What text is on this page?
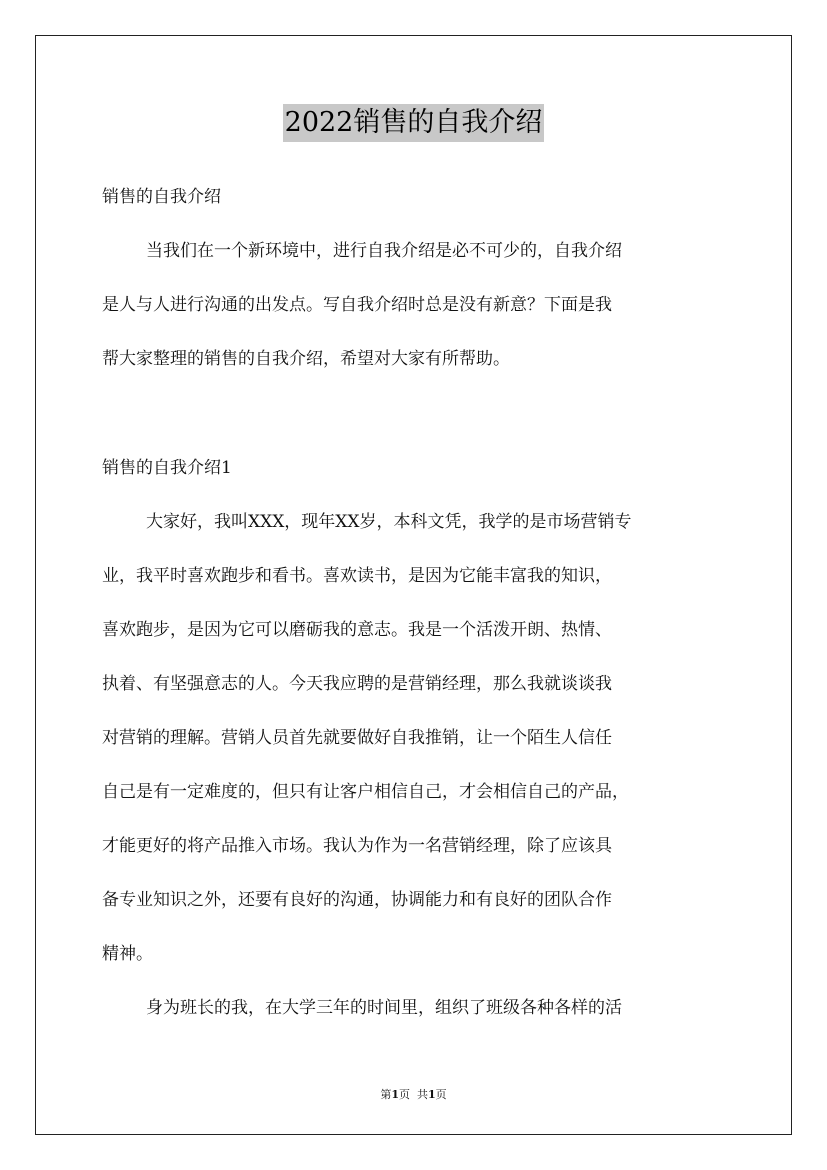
2022销售的自我介绍
销售的自我介绍
当我们在一个新环境中，进行自我介绍是必不可少的，自我介绍
是人与人进行沟通的出发点。写自我介绍时总是没有新意？下面是我
帮大家整理的销售的自我介绍，希望对大家有所帮助。
销售的自我介绍1
大家好，我叫XXX，现年XX岁，本科文凭，我学的是市场营销专
业，我平时喜欢跑步和看书。喜欢读书，是因为它能丰富我的知识，
喜欢跑步，是因为它可以磨砺我的意志。我是一个活泼开朗、热情、
执着、有坚强意志的人。今天我应聘的是营销经理，那么我就谈谈我
对营销的理解。营销人员首先就要做好自我推销，让一个陌生人信任
自己是有一定难度的，但只有让客户相信自己，才会相信自己的产品，
才能更好的将产品推入市场。我认为作为一名营销经理，除了应该具
备专业知识之外，还要有良好的沟通，协调能力和有良好的团队合作
精神。
身为班长的我，在大学三年的时间里，组织了班级各种各样的活
第1页  共1页
